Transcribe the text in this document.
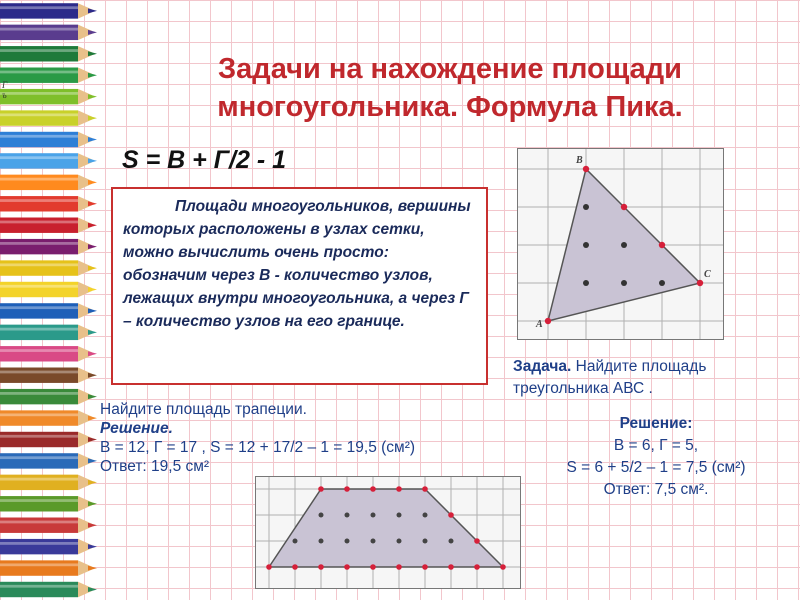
Г
ъ
Задачи на нахождение площади
многоугольника. Формула Пика.
S = В + Г/2 - 1

Площади многоугольников, вершины которых расположены в узлах сетки, можно вычислить очень просто: обозначим через В - количество узлов, лежащих внутри многоугольника, а через Г – количество узлов на его границе.

B
C
A
Задача. Найдите площадь треугольника АВС .
Найдите площадь трапеции.
Решение.
В = 12, Г = 17 , S = 12 + 17/2 – 1 = 19,5 (см²)
Ответ: 19,5 см²
Решение:
В = 6, Г = 5,
S = 6 + 5/2 – 1 = 7,5 (см²)
Ответ: 7,5 см².
